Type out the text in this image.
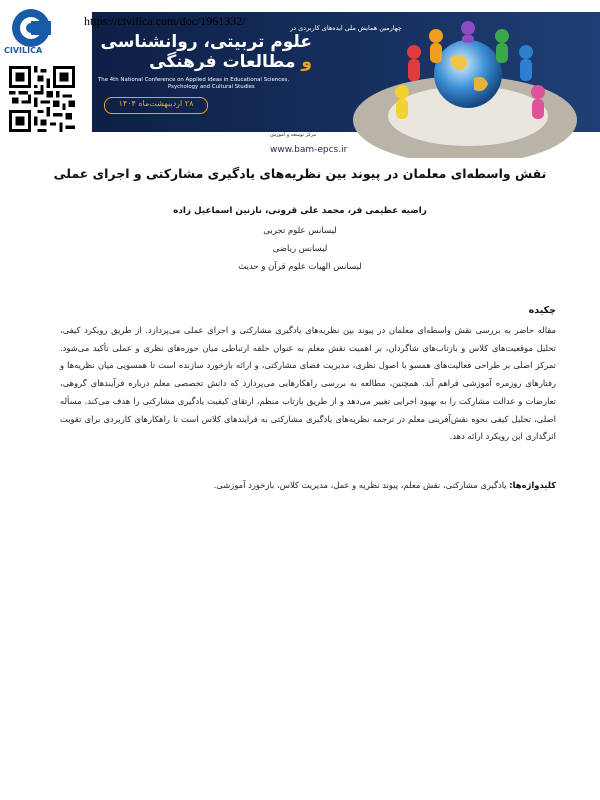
CIVILICA
https://civilica.com/doc/1961332/	چهارمین همایش ملی ایده‌های کاربردی در
علوم تربیتی، روانشناسی
و مطالعات فرهنگی
The 4th National Conference on Applied Ideas in Educational Sciences,
Psychology and Cultural Studies
۲۸ اردیبهشت‌ماه ۱۴۰۴
مرکز توسعه و آموزش
www.bam-epcs.ir
نقش واسطه‌ای معلمان در پیوند بین نظریه‌های یادگیری مشارکتی و اجرای عملی
راضیه عظیمی فر، محمد علی قرونی، نازنین اسماعیل زاده
لیسانس علوم تجربی
لیسانس ریاضی
لیسانس الهیات علوم قرآن و حدیث
چکیده
مقاله حاضر به بررسی نقش واسطه‌ای معلمان در پیوند بین نظریه‌های یادگیری مشارکتی و اجرای عملی می‌پردازد. از طریق رویکرد کیفی، تحلیل موقعیت‌های کلاس و بازتاب‌های شاگردان، بر اهمیت نقش معلم به عنوان حلقه ارتباطی میان حوزه‌های نظری و عملی تأکید می‌شود. تمرکز اصلی بر طراحی فعالیت‌های همسو با اصول نظری، مدیریت فضای مشارکتی، و ارائه بازخورد سازنده است تا همسویی میان نظریه‌ها و رفتارهای روزمره آموزشی فراهم آید. همچنین، مطالعه به بررسی راهکارهایی می‌پردازد که دانش تخصصی معلم درباره فرآیندهای گروهی، تعارضات و عدالت مشارکت را به بهبود اجرایی تغییر می‌دهد و از طریق بازتاب منظم، ارتقای کیفیت یادگیری مشارکتی را هدف می‌کند. مسأله اصلی، تحلیل کیفی نحوه نقش‌آفرینی معلم در ترجمه نظریه‌های یادگیری مشارکتی به فرایندهای کلاس است تا راهکارهای کاربردی برای تقویت اثرگذاری این رویکرد ارائه دهد.
کلیدواژه‌ها: یادگیری مشارکتی، نقش معلم، پیوند نظریه و عمل، مدیریت کلاس، بازخورد آموزشی.
